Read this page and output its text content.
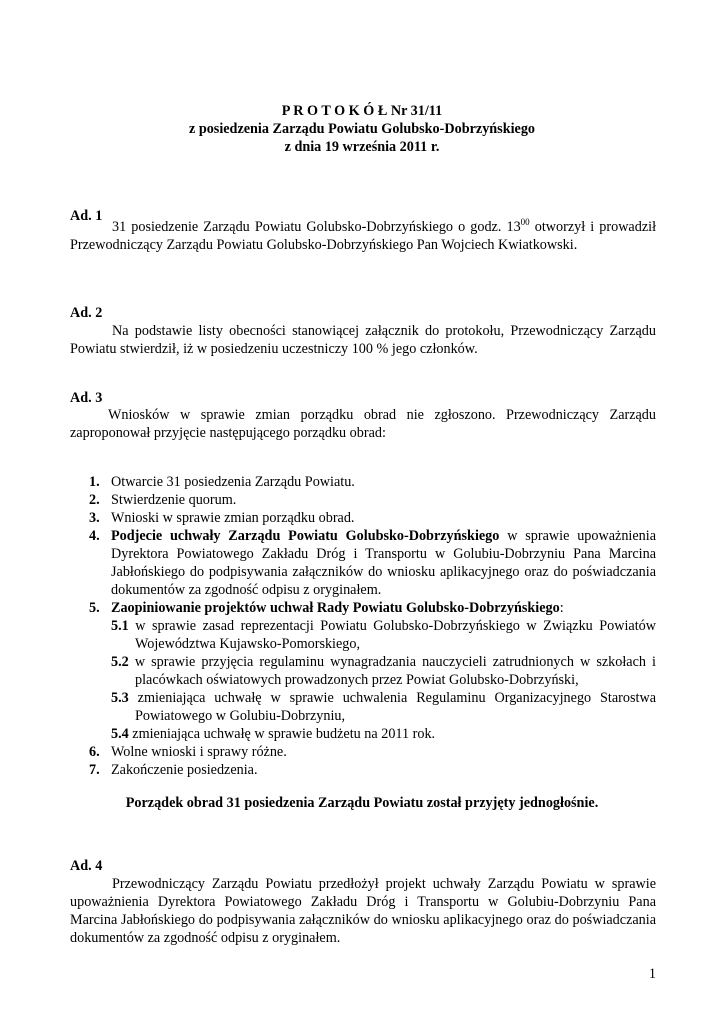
P R O T O K Ó Ł Nr 31/11
z posiedzenia Zarządu Powiatu Golubsko-Dobrzyńskiego
z dnia 19 września 2011 r.
Ad. 1
31 posiedzenie Zarządu Powiatu Golubsko-Dobrzyńskiego o godz. $13^{00}$ otworzył i prowadził Przewodniczący Zarządu Powiatu Golubsko-Dobrzyńskiego Pan Wojciech Kwiatkowski.
Ad. 2
Na podstawie listy obecności stanowiącej załącznik do protokołu, Przewodniczący Zarządu Powiatu stwierdził, iż w posiedzeniu uczestniczy 100 % jego członków.
Ad. 3
Wniosków w sprawie zmian porządku obrad nie zgłoszono. Przewodniczący Zarządu zaproponował przyjęcie następującego porządku obrad:
1. Otwarcie 31 posiedzenia Zarządu Powiatu.
2. Stwierdzenie quorum.
3. Wnioski w sprawie zmian porządku obrad.
4. Podjecie uchwały Zarządu Powiatu Golubsko-Dobrzyńskiego w sprawie upoważnienia Dyrektora Powiatowego Zakładu Dróg i Transportu w Golubiu-Dobrzyniu Pana Marcina Jabłońskiego do podpisywania załączników do wniosku aplikacyjnego oraz do poświadczania dokumentów za zgodność odpisu z oryginałem.
5. Zaopiniowanie projektów uchwał Rady Powiatu Golubsko-Dobrzyńskiego:
5.1 w sprawie zasad reprezentacji Powiatu Golubsko-Dobrzyńskiego w Związku Powiatów Województwa Kujawsko-Pomorskiego,
5.2 w sprawie przyjęcia regulaminu wynagradzania nauczycieli zatrudnionych w szkołach i placówkach oświatowych prowadzonych przez Powiat Golubsko-Dobrzyński,
5.3 zmieniająca uchwałę w sprawie uchwalenia Regulaminu Organizacyjnego Starostwa Powiatowego w Golubiu-Dobrzyniu,
5.4 zmieniająca uchwałę w sprawie budżetu na 2011 rok.
6. Wolne wnioski i sprawy różne.
7. Zakończenie posiedzenia.
Porządek obrad 31 posiedzenia Zarządu Powiatu został przyjęty jednogłośnie.
Ad. 4
Przewodniczący Zarządu Powiatu przedłożył projekt uchwały Zarządu Powiatu w sprawie upoważnienia Dyrektora Powiatowego Zakładu Dróg i Transportu w Golubiu-Dobrzyniu Pana Marcina Jabłońskiego do podpisywania załączników do wniosku aplikacyjnego oraz do poświadczania dokumentów za zgodność odpisu z oryginałem.
1
